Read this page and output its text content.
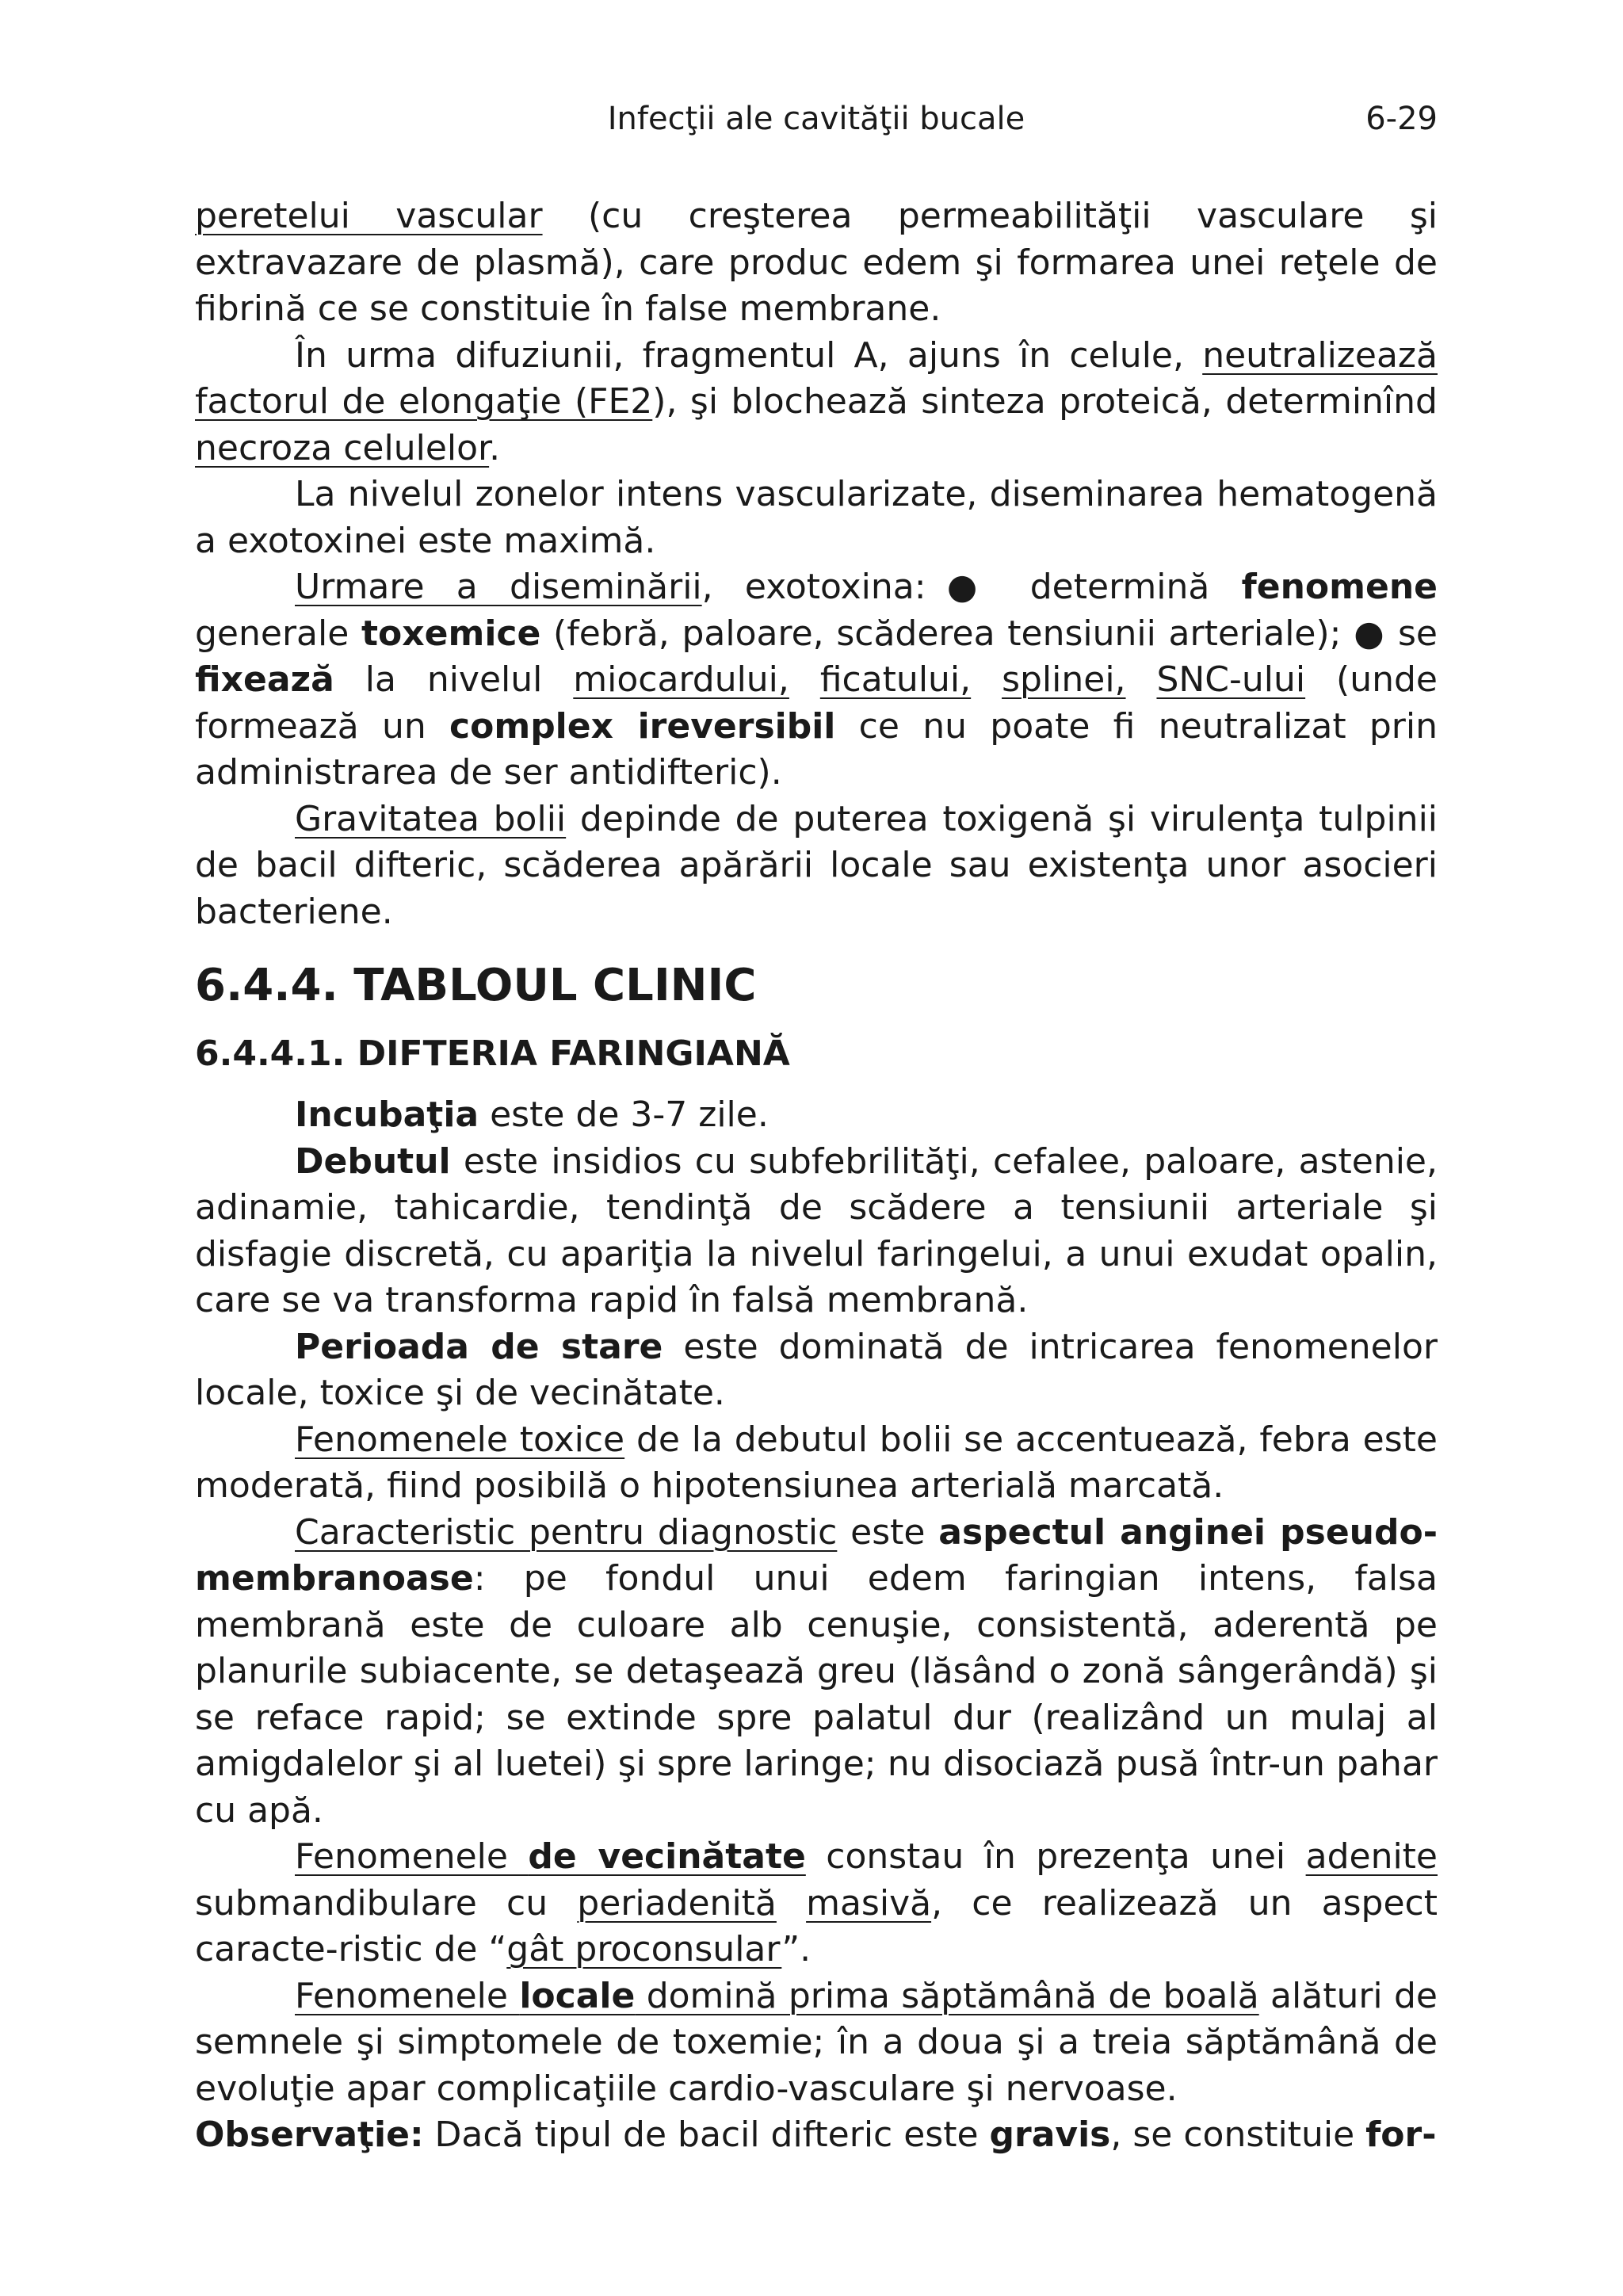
Infecţii ale cavităţii bucale	6-29

peretelui vascular (cu creşterea permeabilităţii vasculare şi extravazare de plasmă), care produc edem şi formarea unei reţele de fibrină ce se constituie în false membrane.

În urma difuziunii, fragmentul A, ajuns în celule, neutralizează factorul de elongaţie (FE2), şi blochează sinteza proteică, determinînd necroza celulelor.

La nivelul zonelor intens vascularizate, diseminarea hematogenă a exotoxinei este maximă.

Urmare a diseminării, exotoxina:● determină fenomene generale toxemice (febră, paloare, scăderea tensiunii arteriale); ● se fixează la nivelul miocardului, ficatului, splinei, SNC-ului (unde formează un complex ireversibil ce nu poate fi neutralizat prin administrarea de ser antidifteric).

Gravitatea bolii depinde de puterea toxigenă şi virulenţa tulpinii de bacil difteric, scăderea apărării locale sau existenţa unor asocieri bacteriene.

6.4.4. TABLOUL CLINIC
6.4.4.1. DIFTERIA FARINGIANĂ

Incubaţia este de 3-7 zile.

Debutul este insidios cu subfebrilităţi, cefalee, paloare, astenie, adinamie, tahicardie, tendinţă de scădere a tensiunii arteriale şi disfagie discretă, cu apariţia la nivelul faringelui, a unui exudat opalin, care se va transforma rapid în falsă membrană.

Perioada de stare este dominată de intricarea fenomenelor locale, toxice şi de vecinătate.

Fenomenele toxice de la debutul bolii se accentuează, febra este moderată, fiind posibilă o hipotensiunea arterială marcată.

Caracteristic pentru diagnostic este aspectul anginei pseudo-membranoase: pe fondul unui edem faringian intens, falsa membrană este de culoare alb cenuşie, consistentă, aderentă pe planurile subiacente, se detaşează greu (lăsând o zonă sângerândă) şi se reface rapid; se extinde spre palatul dur (realizând un mulaj al amigdalelor şi al luetei) şi spre laringe; nu disociază pusă într-un pahar cu apă.

Fenomenele de vecinătate constau în prezenţa unei adenite submandibulare cu periadenită masivă, ce realizează un aspect caracte-ristic de “gât proconsular”.

Fenomenele locale domină prima săptămână de boală alături de semnele şi simptomele de toxemie; în a doua şi a treia săptămână de evoluţie apar complicaţiile cardio-vasculare şi nervoase.

Observaţie: Dacă tipul de bacil difteric este gravis, se constituie for-
